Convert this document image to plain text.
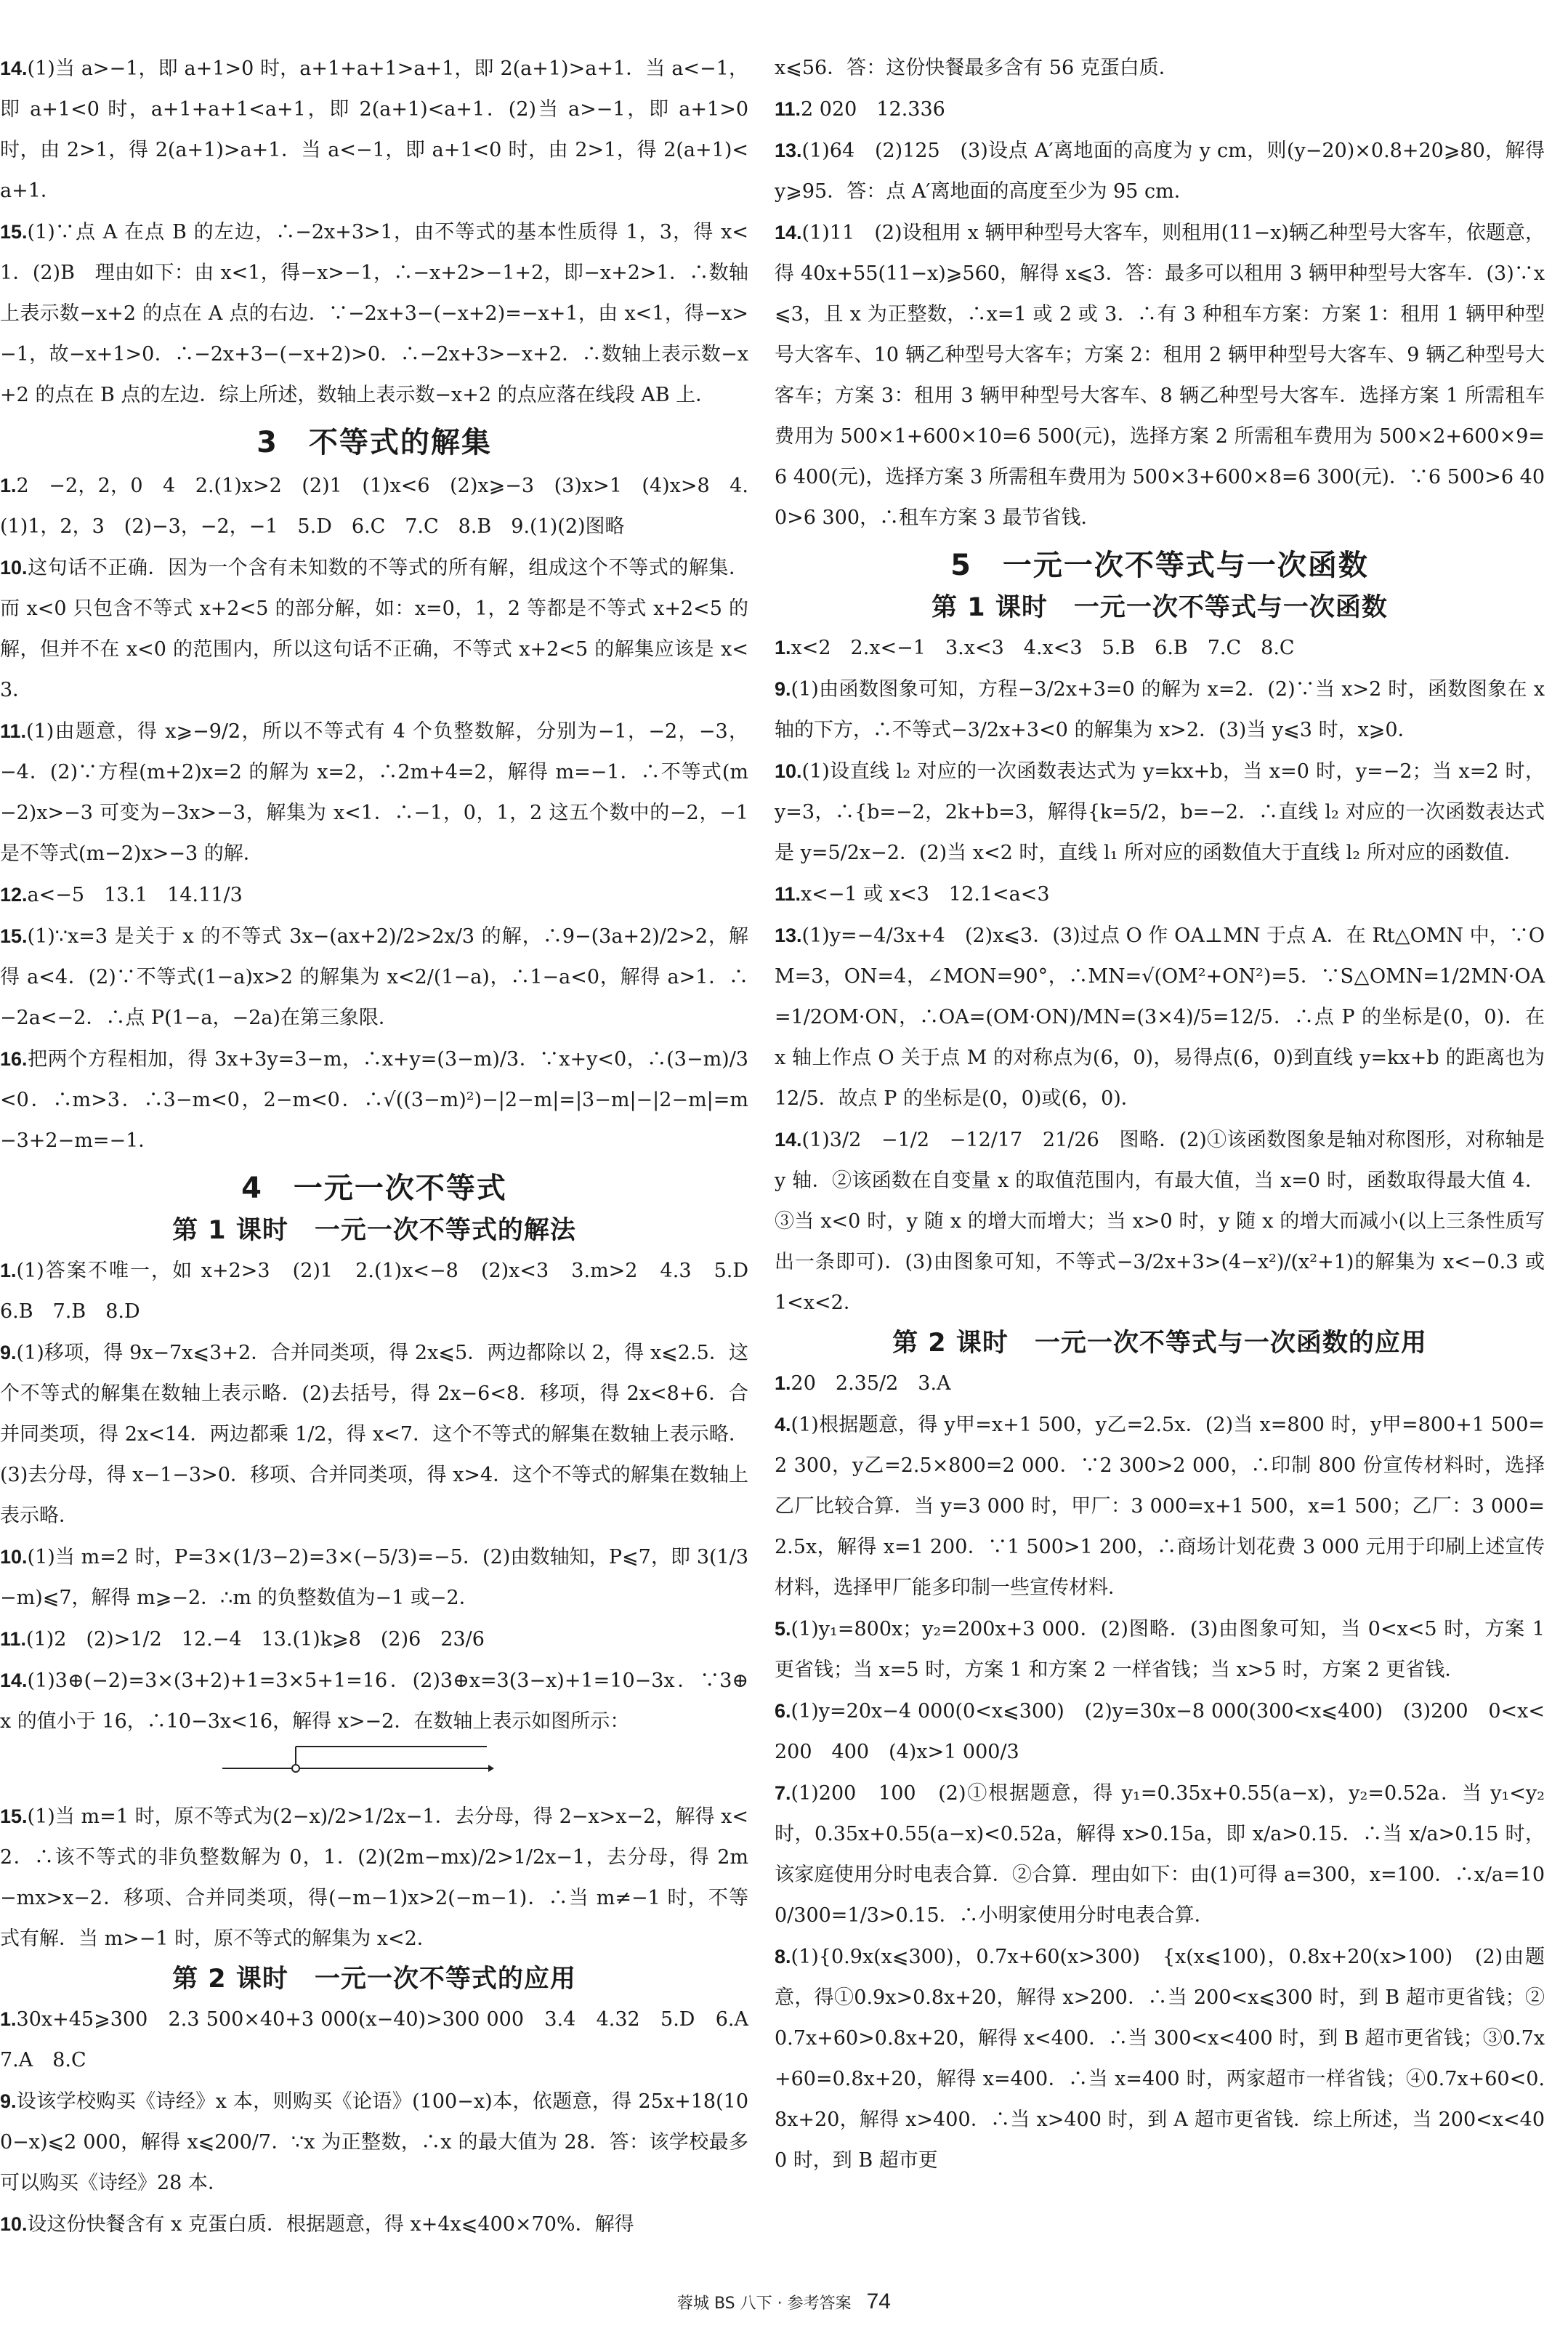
14.(1)当 a>−1，即 a+1>0 时，a+1+a+1>a+1，即 2(a+1)>a+1．当 a<−1，即 a+1<0 时，a+1+a+1<a+1，即 2(a+1)<a+1．(2)当 a>−1，即 a+1>0 时，由 2>1，得 2(a+1)>a+1．当 a<−1，即 a+1<0 时，由 2>1，得 2(a+1)<a+1．

15.(1)∵点 A 在点 B 的左边，∴−2x+3>1，由不等式的基本性质得 1，3，得 x<1．(2)B　理由如下：由 x<1，得−x>−1，∴−x+2>−1+2，即−x+2>1．∴数轴上表示数−x+2 的点在 A 点的右边．∵−2x+3−(−x+2)=−x+1，由 x<1，得−x>−1，故−x+1>0．∴−2x+3−(−x+2)>0．∴−2x+3>−x+2．∴数轴上表示数−x+2 的点在 B 点的左边．综上所述，数轴上表示数−x+2 的点应落在线段 AB 上．

3　不等式的解集

1.2　−2，2，0　4　2.(1)x>2　(2)1　(1)x<6　(2)x⩾−3　(3)x>1　(4)x>8　4.(1)1，2，3　(2)−3，−2，−1　5.D　6.C　7.C　8.B　9.(1)(2)图略

10.这句话不正确．因为一个含有未知数的不等式的所有解，组成这个不等式的解集．而 x<0 只包含不等式 x+2<5 的部分解，如：x=0，1，2 等都是不等式 x+2<5 的解，但并不在 x<0 的范围内，所以这句话不正确，不等式 x+2<5 的解集应该是 x<3．

11.(1)由题意，得 x⩾−9/2，所以不等式有 4 个负整数解，分别为−1，−2，−3，−4．(2)∵方程(m+2)x=2 的解为 x=2，∴2m+4=2，解得 m=−1．∴不等式(m−2)x>−3 可变为−3x>−3，解集为 x<1．∴−1，0，1，2 这五个数中的−2，−1 是不等式(m−2)x>−3 的解．

12.a<−5　13.1　14.11/3

15.(1)∵x=3 是关于 x 的不等式 3x−(ax+2)/2>2x/3 的解，∴9−(3a+2)/2>2，解得 a<4．(2)∵不等式(1−a)x>2 的解集为 x<2/(1−a)，∴1−a<0，解得 a>1．∴−2a<−2．∴点 P(1−a，−2a)在第三象限．

16.把两个方程相加，得 3x+3y=3−m，∴x+y=(3−m)/3．∵x+y<0，∴(3−m)/3<0．∴m>3．∴3−m<0，2−m<0．∴√((3−m)²)−|2−m|=|3−m|−|2−m|=m−3+2−m=−1．

4　一元一次不等式
第 1 课时　一元一次不等式的解法

1.(1)答案不唯一，如 x+2>3　(2)1　2.(1)x<−8　(2)x<3　3.m>2　4.3　5.D　6.B　7.B　8.D

9.(1)移项，得 9x−7x⩽3+2．合并同类项，得 2x⩽5．两边都除以 2，得 x⩽2.5．这个不等式的解集在数轴上表示略．(2)去括号，得 2x−6<8．移项，得 2x<8+6．合并同类项，得 2x<14．两边都乘 1/2，得 x<7．这个不等式的解集在数轴上表示略．(3)去分母，得 x−1−3>0．移项、合并同类项，得 x>4．这个不等式的解集在数轴上表示略．

10.(1)当 m=2 时，P=3×(1/3−2)=3×(−5/3)=−5．(2)由数轴知，P⩽7，即 3(1/3−m)⩽7，解得 m⩾−2．∴m 的负整数值为−1 或−2．

11.(1)2　(2)>1/2　12.−4　13.(1)k⩾8　(2)6　23/6

14.(1)3⊕(−2)=3×(3+2)+1=3×5+1=16．(2)3⊕x=3(3−x)+1=10−3x．∵3⊕x 的值小于 16，∴10−3x<16，解得 x>−2．在数轴上表示如图所示：

15.(1)当 m=1 时，原不等式为(2−x)/2>1/2x−1．去分母，得 2−x>x−2，解得 x<2．∴该不等式的非负整数解为 0，1．(2)(2m−mx)/2>1/2x−1，去分母，得 2m−mx>x−2．移项、合并同类项，得(−m−1)x>2(−m−1)．∴当 m≠−1 时，不等式有解．当 m>−1 时，原不等式的解集为 x<2．

第 2 课时　一元一次不等式的应用

1.30x+45⩾300　2.3 500×40+3 000(x−40)>300 000　3.4　4.32　5.D　6.A　7.A　8.C

9.设该学校购买《诗经》x 本，则购买《论语》(100−x)本，依题意，得 25x+18(100−x)⩽2 000，解得 x⩽200/7．∵x 为正整数，∴x 的最大值为 28．答：该学校最多可以购买《诗经》28 本．

10.设这份快餐含有 x 克蛋白质．根据题意，得 x+4x⩽400×70%．解得

x⩽56．答：这份快餐最多含有 56 克蛋白质．

11.2 020　12.336

13.(1)64　(2)125　(3)设点 A′离地面的高度为 y cm，则(y−20)×0.8+20⩾80，解得 y⩾95．答：点 A′离地面的高度至少为 95 cm．

14.(1)11　(2)设租用 x 辆甲种型号大客车，则租用(11−x)辆乙种型号大客车，依题意，得 40x+55(11−x)⩾560，解得 x⩽3．答：最多可以租用 3 辆甲种型号大客车．(3)∵x⩽3，且 x 为正整数，∴x=1 或 2 或 3．∴有 3 种租车方案：方案 1：租用 1 辆甲种型号大客车、10 辆乙种型号大客车；方案 2：租用 2 辆甲种型号大客车、9 辆乙种型号大客车；方案 3：租用 3 辆甲种型号大客车、8 辆乙种型号大客车．选择方案 1 所需租车费用为 500×1+600×10=6 500(元)，选择方案 2 所需租车费用为 500×2+600×9=6 400(元)，选择方案 3 所需租车费用为 500×3+600×8=6 300(元)．∵6 500>6 400>6 300，∴租车方案 3 最节省钱．

5　一元一次不等式与一次函数
第 1 课时　一元一次不等式与一次函数

1.x<2　2.x<−1　3.x<3　4.x<3　5.B　6.B　7.C　8.C

9.(1)由函数图象可知，方程−3/2x+3=0 的解为 x=2．(2)∵当 x>2 时，函数图象在 x 轴的下方，∴不等式−3/2x+3<0 的解集为 x>2．(3)当 y⩽3 时，x⩾0．

10.(1)设直线 l₂ 对应的一次函数表达式为 y=kx+b，当 x=0 时，y=−2；当 x=2 时，y=3，∴{b=−2，2k+b=3，解得{k=5/2，b=−2．∴直线 l₂ 对应的一次函数表达式是 y=5/2x−2．(2)当 x<2 时，直线 l₁ 所对应的函数值大于直线 l₂ 所对应的函数值．

11.x<−1 或 x<3　12.1<a<3

13.(1)y=−4/3x+4　(2)x⩽3．(3)过点 O 作 OA⊥MN 于点 A．在 Rt△OMN 中，∵OM=3，ON=4，∠MON=90°，∴MN=√(OM²+ON²)=5．∵S△OMN=1/2MN·OA=1/2OM·ON，∴OA=(OM·ON)/MN=(3×4)/5=12/5．∴点 P 的坐标是(0，0)．在 x 轴上作点 O 关于点 M 的对称点为(6，0)，易得点(6，0)到直线 y=kx+b 的距离也为 12/5．故点 P 的坐标是(0，0)或(6，0)．

14.(1)3/2　−1/2　−12/17　21/26　图略．(2)①该函数图象是轴对称图形，对称轴是 y 轴．②该函数在自变量 x 的取值范围内，有最大值，当 x=0 时，函数取得最大值 4．③当 x<0 时，y 随 x 的增大而增大；当 x>0 时，y 随 x 的增大而减小(以上三条性质写出一条即可)．(3)由图象可知，不等式−3/2x+3>(4−x²)/(x²+1)的解集为 x<−0.3 或 1<x<2．

第 2 课时　一元一次不等式与一次函数的应用

1.20　2.35/2　3.A

4.(1)根据题意，得 y甲=x+1 500，y乙=2.5x．(2)当 x=800 时，y甲=800+1 500=2 300，y乙=2.5×800=2 000．∵2 300>2 000，∴印制 800 份宣传材料时，选择乙厂比较合算．当 y=3 000 时，甲厂：3 000=x+1 500，x=1 500；乙厂：3 000=2.5x，解得 x=1 200．∵1 500>1 200，∴商场计划花费 3 000 元用于印刷上述宣传材料，选择甲厂能多印制一些宣传材料．

5.(1)y₁=800x；y₂=200x+3 000．(2)图略．(3)由图象可知，当 0<x<5 时，方案 1 更省钱；当 x=5 时，方案 1 和方案 2 一样省钱；当 x>5 时，方案 2 更省钱．

6.(1)y=20x−4 000(0<x⩽300)　(2)y=30x−8 000(300<x⩽400)　(3)200　0<x<200　400　(4)x>1 000/3

7.(1)200　100　(2)①根据题意，得 y₁=0.35x+0.55(a−x)，y₂=0.52a．当 y₁<y₂ 时，0.35x+0.55(a−x)<0.52a，解得 x>0.15a，即 x/a>0.15．∴当 x/a>0.15 时，该家庭使用分时电表合算．②合算．理由如下：由(1)可得 a=300，x=100．∴x/a=100/300=1/3>0.15．∴小明家使用分时电表合算．

8.(1){0.9x(x⩽300)，0.7x+60(x>300)　{x(x⩽100)，0.8x+20(x>100)　(2)由题意，得①0.9x>0.8x+20，解得 x>200．∴当 200<x⩽300 时，到 B 超市更省钱；②0.7x+60>0.8x+20，解得 x<400．∴当 300<x<400 时，到 B 超市更省钱；③0.7x+60=0.8x+20，解得 x=400．∴当 x=400 时，两家超市一样省钱；④0.7x+60<0.8x+20，解得 x>400．∴当 x>400 时，到 A 超市更省钱．综上所述，当 200<x<400 时，到 B 超市更

蓉城 BS 八下 · 参考答案 74
